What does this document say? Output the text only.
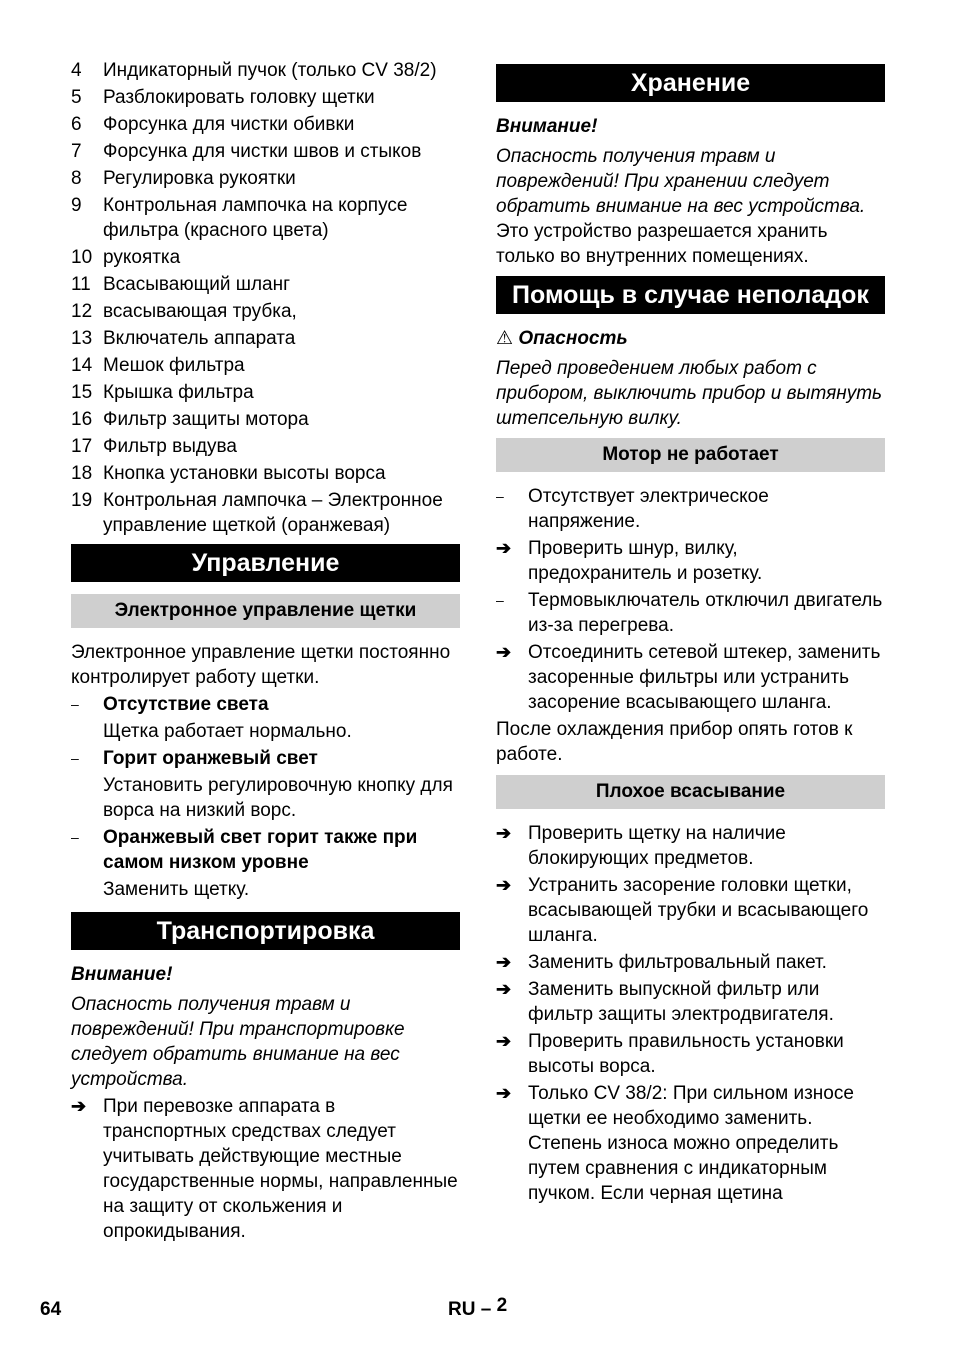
4	Индикаторный пучок (только CV 38/2)
5	Разблокировать головку щетки
6	Форсунка для чистки обивки
7	Форсунка для чистки швов и стыков
8	Регулировка рукоятки
9	Контрольная лампочка на корпусе фильтра (красного цвета)
10 рукоятка
11 Всасывающий шланг
12 всасывающая трубка,
13 Включатель аппарата
14 Мешок фильтра
15 Крышка фильтра
16 Фильтр защиты мотора
17 Фильтр выдува
18 Кнопка установки высоты ворса
19 Контрольная лампочка – Электронное управление щеткой (оранжевая)
Управление
Электронное управление щетки

Электронное управление щетки постоянно контролирует работу щетки.

–	Отсутствие света

Щетка работает нормально.

–	Горит оранжевый свет

Установить регулировочную кнопку для ворса на низкий ворс.

–	Оранжевый свет горит также при самом низком уровне

Заменить щетку.

Транспортировка

Внимание!

Опасность получения травм и повреждений! При транспортировке следует обратить внимание на вес устройства.

➔ При перевозке аппарата в транспортных средствах следует учитывать действующие местные государственные нормы, направленные на защиту от скольжения и опрокидывания.
Хранение

Внимание!

Опасность получения травм и повреждений! При хранении следует обратить внимание на вес устройства.

Это устройство разрешается хранить только во внутренних помещениях.

Помощь в случае неполадок

⚠ Опасность

Перед проведением любых работ с прибором, выключить прибор и вытянуть штепсельную вилку.

Мотор не работает
–	Отсутствует электрическое напряжение.
➔ Проверить шнур, вилку, предохранитель и розетку.
–	Термовыключатель отключил двигатель из-за перегрева.
➔ Отсоединить сетевой штекер, заменить засоренные фильтры или устранить засорение всасывающего шланга.

После охлаждения прибор опять готов к работе.

Плохое всасывание
➔ Проверить щетку на наличие блокирующих предметов.
➔ Устранить засорение головки щетки, всасывающей трубки и всасывающего шланга.
➔ Заменить фильтровальный пакет.
➔ Заменить выпускной фильтр или фильтр защиты электродвигателя.
➔ Проверить правильность установки высоты ворса.
➔ Только CV 38/2: При сильном износе щетки ее необходимо заменить. Степень износа можно определить путем сравнения с индикаторным пучком. Если черная щетина
64	RU – 2
